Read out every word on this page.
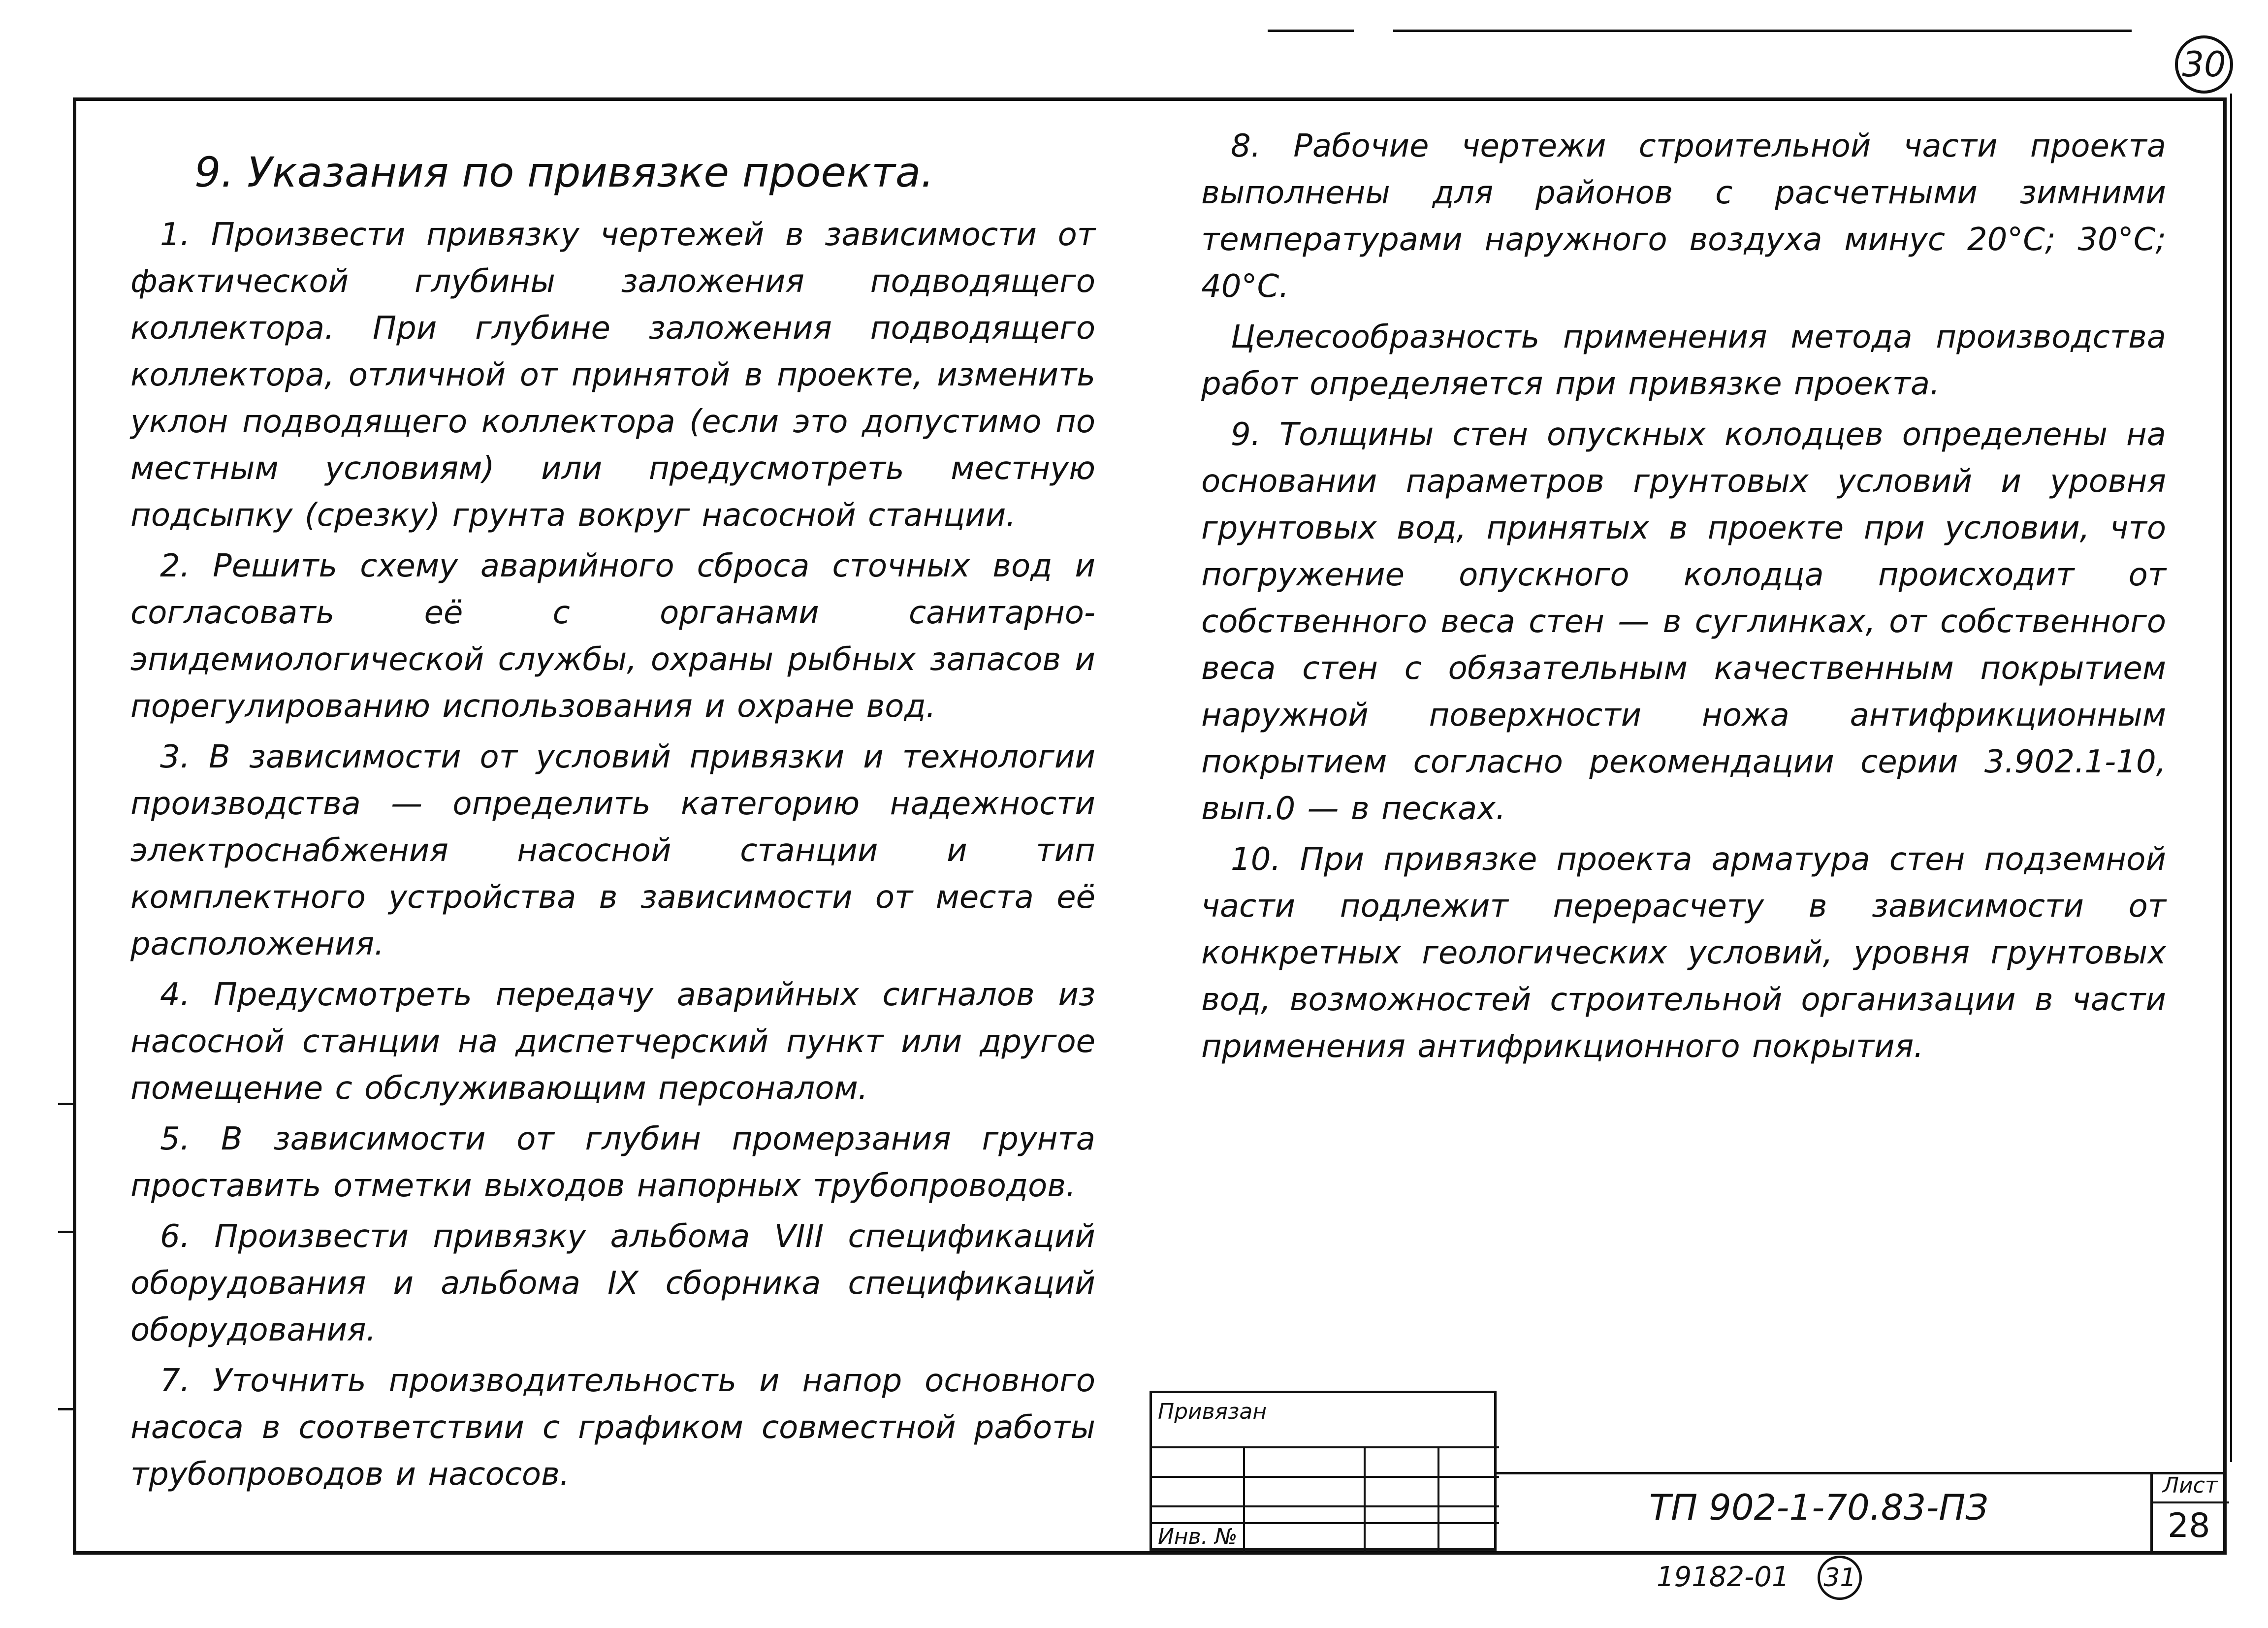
30
9. Указания по привязке проекта.

1. Произвести привязку чертежей в зависимости от фактической глубины заложения подводящего коллектора. При глубине заложения подводящего коллектора, отличной от принятой в проекте, изменить уклон подводящего коллектора (если это допустимо по местным условиям) или предусмотреть местную подсыпку (срезку) грунта вокруг насосной станции.

2. Решить схему аварийного сброса сточных вод и согласовать её с органами санитарно-эпидемиологической службы, охраны рыбных запасов и порегулированию использования и охране вод.

3. В зависимости от условий привязки и технологии производства — определить категорию надежности электроснабжения насосной станции и тип комплектного устройства в зависимости от места её расположения.

4. Предусмотреть передачу аварийных сигналов из насосной станции на диспетчерский пункт или другое помещение с обслуживающим персоналом.

5. В зависимости от глубин промерзания грунта проставить отметки выходов напорных трубопроводов.

6. Произвести привязку альбома VIII спецификаций оборудования и альбома IX сборника спецификаций оборудования.

7. Уточнить производительность и напор основного насоса в соответствии с графиком совместной работы трубопроводов и насосов.

8. Рабочие чертежи строительной части проекта выполнены для районов с расчетными зимними температурами наружного воздуха минус 20°С; 30°С; 40°С.

Целесообразность применения метода производства работ определяется при привязке проекта.

9. Толщины стен опускных колодцев определены на основании параметров грунтовых условий и уровня грунтовых вод, принятых в проекте при условии, что погружение опускного колодца происходит от собственного веса стен — в суглинках, от собственного веса стен с обязательным качественным покрытием наружной поверхности ножа антифрикционным покрытием согласно рекомендации серии 3.902.1-10, вып.0 — в песках.

10. При привязке проекта арматура стен подземной части подлежит перерасчету в зависимости от конкретных геологических условий, уровня грунтовых вод, возможностей строительной организации в части применения антифрикционного покрытия.

Привязан
Инв. №
ТП 902-1-70.83-ПЗ
Лист
28
19182-01 31
